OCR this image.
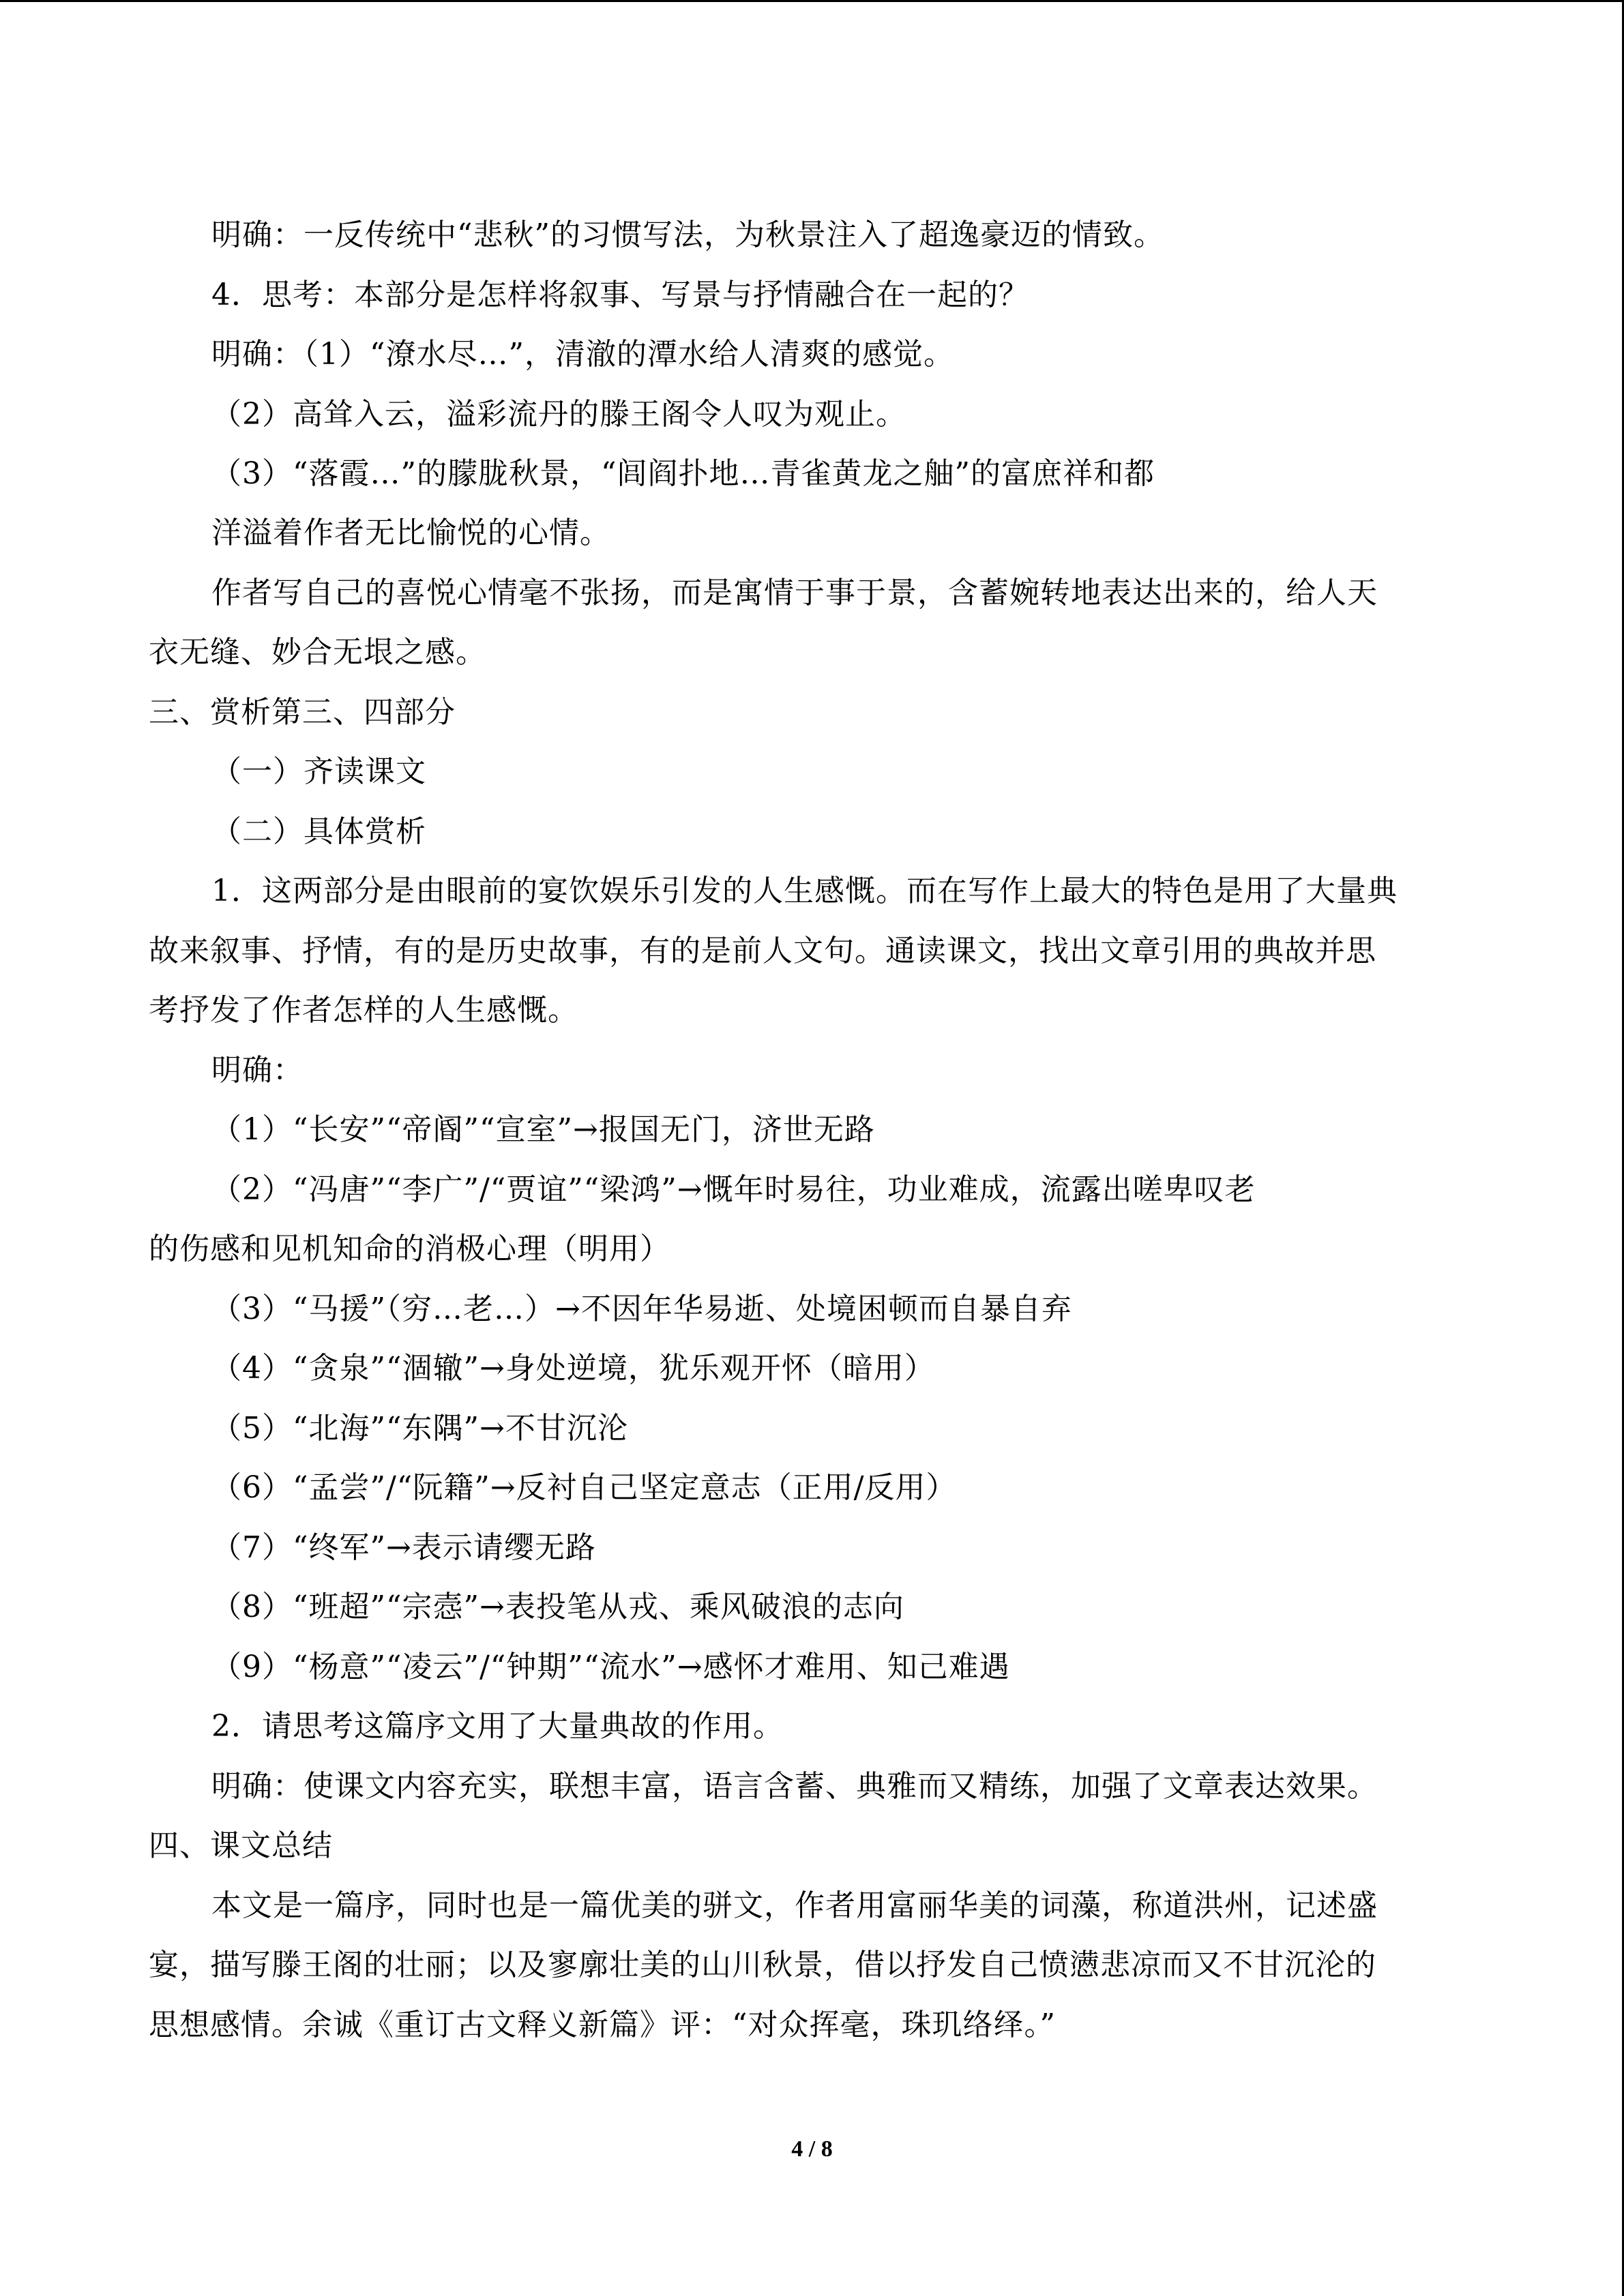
明确：一反传统中“悲秋”的习惯写法，为秋景注入了超逸豪迈的情致。
4．思考：本部分是怎样将叙事、写景与抒情融合在一起的？
明确：（1）“潦水尽…”，清澈的潭水给人清爽的感觉。
（2）高耸入云，溢彩流丹的滕王阁令人叹为观止。
（3）“落霞…”的朦胧秋景，“闾阎扑地…青雀黄龙之舳”的富庶祥和都
洋溢着作者无比愉悦的心情。
作者写自己的喜悦心情毫不张扬，而是寓情于事于景，含蓄婉转地表达出来的，给人天
衣无缝、妙合无垠之感。
三、赏析第三、四部分
（一）齐读课文
（二）具体赏析
1．这两部分是由眼前的宴饮娱乐引发的人生感慨。而在写作上最大的特色是用了大量典
故来叙事、抒情，有的是历史故事，有的是前人文句。通读课文，找出文章引用的典故并思
考抒发了作者怎样的人生感慨。
明确：
（1）“长安”“帝阍”“宣室”→报国无门，济世无路
（2）“冯唐”“李广”/“贾谊”“梁鸿”→慨年时易往，功业难成，流露出嗟卑叹老
的伤感和见机知命的消极心理（明用）
（3）“马援”（穷…老…）→不因年华易逝、处境困顿而自暴自弃
（4）“贪泉”“涸辙”→身处逆境，犹乐观开怀（暗用）
（5）“北海”“东隅”→不甘沉沦
（6）“孟尝”/“阮籍”→反衬自己坚定意志（正用/反用）
（7）“终军”→表示请缨无路
（8）“班超”“宗悫”→表投笔从戎、乘风破浪的志向
（9）“杨意”“凌云”/“钟期”“流水”→感怀才难用、知己难遇
2．请思考这篇序文用了大量典故的作用。
明确：使课文内容充实，联想丰富，语言含蓄、典雅而又精练，加强了文章表达效果。
四、课文总结
本文是一篇序，同时也是一篇优美的骈文，作者用富丽华美的词藻，称道洪州，记述盛
宴，描写滕王阁的壮丽；以及寥廓壮美的山川秋景，借以抒发自己愤懑悲凉而又不甘沉沦的
思想感情。余诚《重订古文释义新篇》评：“对众挥毫，珠玑络绎。”
4 / 8
